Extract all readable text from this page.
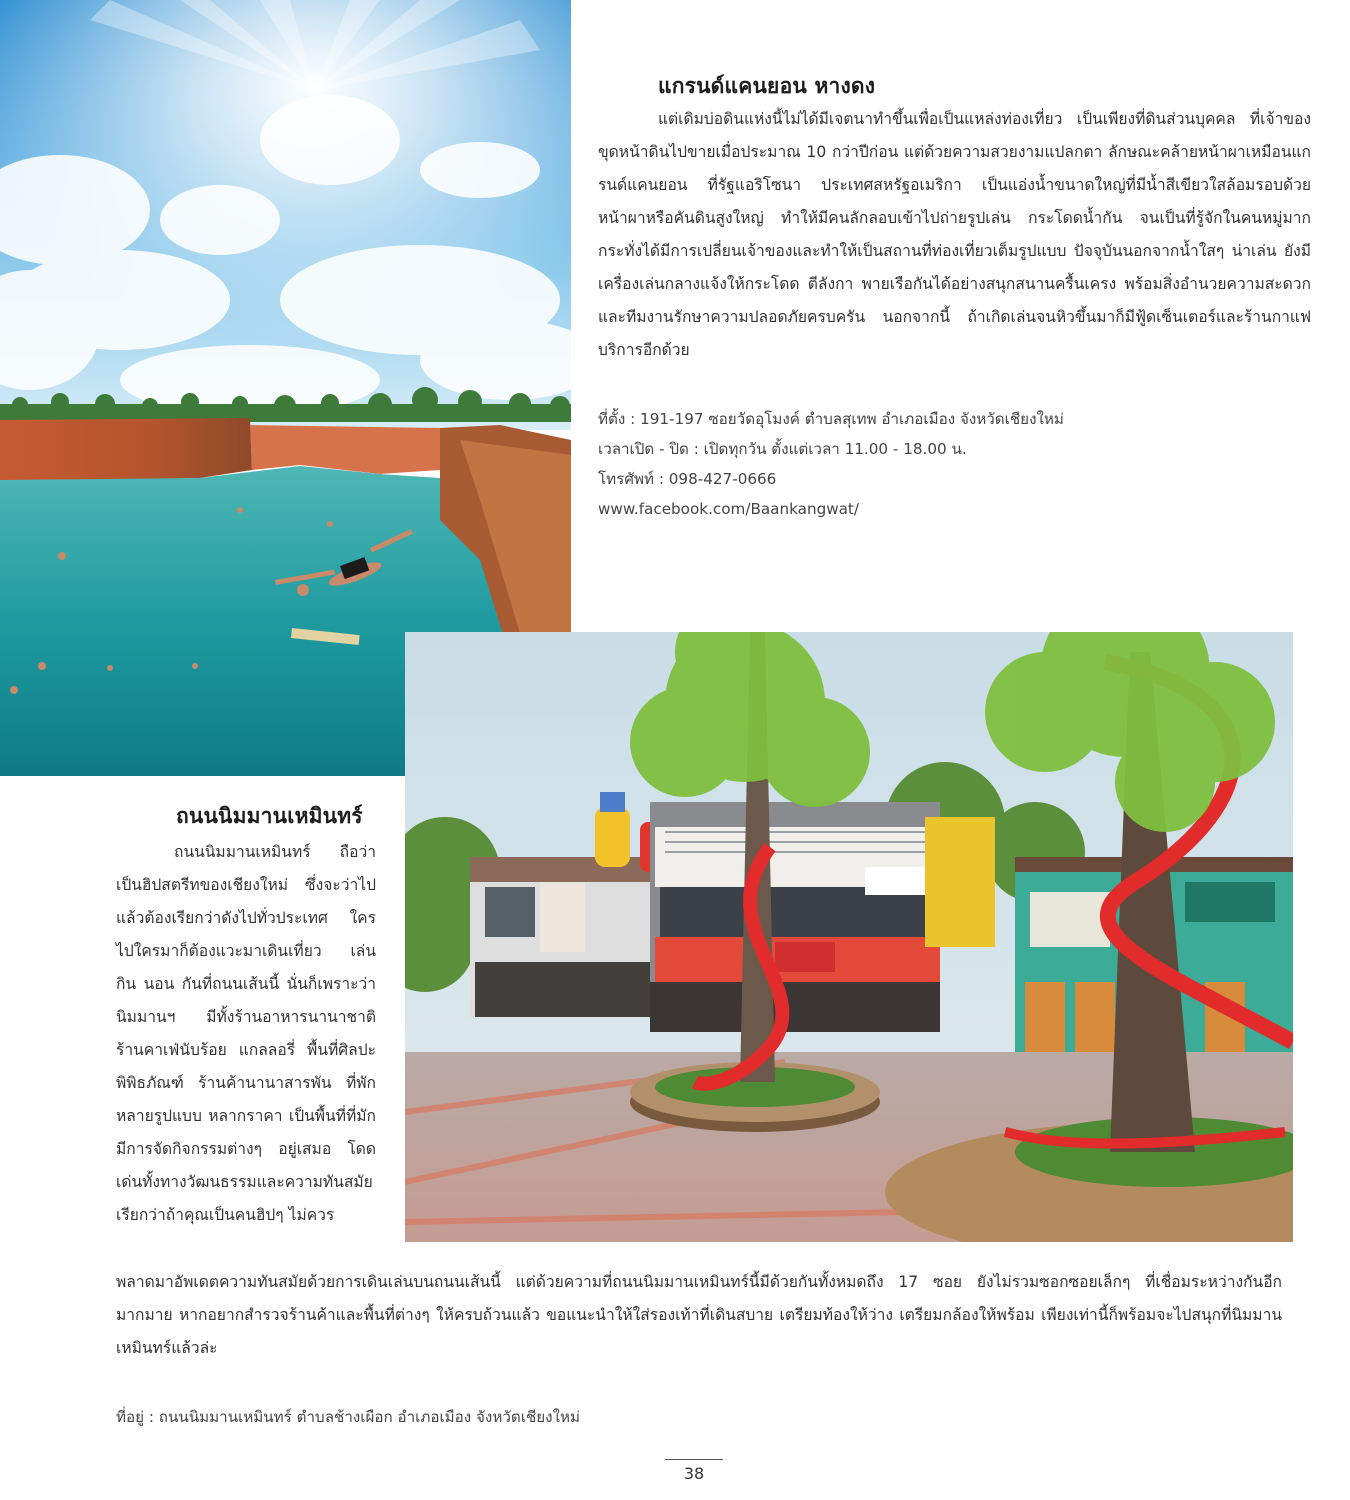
แกรนด์แคนยอน หางดง

แต่เดิมบ่อดินแห่งนี้ไม่ได้มีเจตนาทำขึ้นเพื่อเป็นแหล่งท่องเที่ยว เป็นเพียงที่ดินส่วนบุคคล ที่เจ้าของขุดหน้าดินไปขายเมื่อประมาณ 10 กว่าปีก่อน แต่ด้วยความสวยงามแปลกตา ลักษณะคล้ายหน้าผาเหมือนแกรนด์แคนยอน ที่รัฐแอริโซนา ประเทศสหรัฐอเมริกา เป็นแอ่งน้ำขนาดใหญ่ที่มีน้ำสีเขียวใสล้อมรอบด้วยหน้าผาหรือคันดินสูงใหญ่ ทำให้มีคนลักลอบเข้าไปถ่ายรูปเล่น กระโดดน้ำกัน จนเป็นที่รู้จักในคนหมู่มาก กระทั่งได้มีการเปลี่ยนเจ้าของและทำให้เป็นสถานที่ท่องเที่ยวเต็มรูปแบบ ปัจจุบันนอกจากน้ำใสๆ น่าเล่น ยังมีเครื่องเล่นกลางแจ้งให้กระโดด ตีลังกา พายเรือกันได้อย่างสนุกสนานครื้นเครง พร้อมสิ่งอำนวยความสะดวกและทีมงานรักษาความปลอดภัยครบครัน นอกจากนี้ ถ้าเกิดเล่นจนหิวขึ้นมาก็มีฟู้ดเซ็นเตอร์และร้านกาแฟบริการอีกด้วย

ที่ตั้ง : 191-197 ซอยวัดอุโมงค์ ตำบลสุเทพ อำเภอเมือง จังหวัดเชียงใหม่
เวลาเปิด - ปิด : เปิดทุกวัน ตั้งแต่เวลา 11.00 - 18.00 น.
โทรศัพท์ : 098-427-0666
www.facebook.com/Baankangwat/
ถนนนิมมานเหมินทร์

ถนนนิมมานเหมินทร์ ถือว่าเป็นฮิปสตรีทของเชียงใหม่ ซึ่งจะว่าไปแล้วต้องเรียกว่าดังไปทั่วประเทศ ใครไปใครมาก็ต้องแวะมาเดินเที่ยว เล่น กิน นอน กันที่ถนนเส้นนี้ นั่นก็เพราะว่านิมมานฯ มีทั้งร้านอาหารนานาชาติ ร้านคาเฟ่นับร้อย แกลลอรี่ พื้นที่ศิลปะ พิพิธภัณฑ์ ร้านค้านานาสารพัน ที่พักหลายรูปแบบ หลากราคา เป็นพื้นที่ที่มักมีการจัดกิจกรรมต่างๆ อยู่เสมอ โดดเด่นทั้งทางวัฒนธรรมและความทันสมัย เรียกว่าถ้าคุณเป็นคนฮิปๆ ไม่ควร

พลาดมาอัพเดตความทันสมัยด้วยการเดินเล่นบนถนนเส้นนี้ แต่ด้วยความที่ถนนนิมมานเหมินทร์นี้มีด้วยกันทั้งหมดถึง 17 ซอย ยังไม่รวมซอกซอยเล็กๆ ที่เชื่อมระหว่างกันอีกมากมาย หากอยากสำรวจร้านค้าและพื้นที่ต่างๆ ให้ครบถ้วนแล้ว ขอแนะนำให้ใส่รองเท้าที่เดินสบาย เตรียมท้องให้ว่าง เตรียมกล้องให้พร้อม เพียงเท่านี้ก็พร้อมจะไปสนุกที่นิมมานเหมินทร์แล้วล่ะ

ที่อยู่ : ถนนนิมมานเหมินทร์ ตำบลช้างเผือก อำเภอเมือง จังหวัดเชียงใหม่
38
